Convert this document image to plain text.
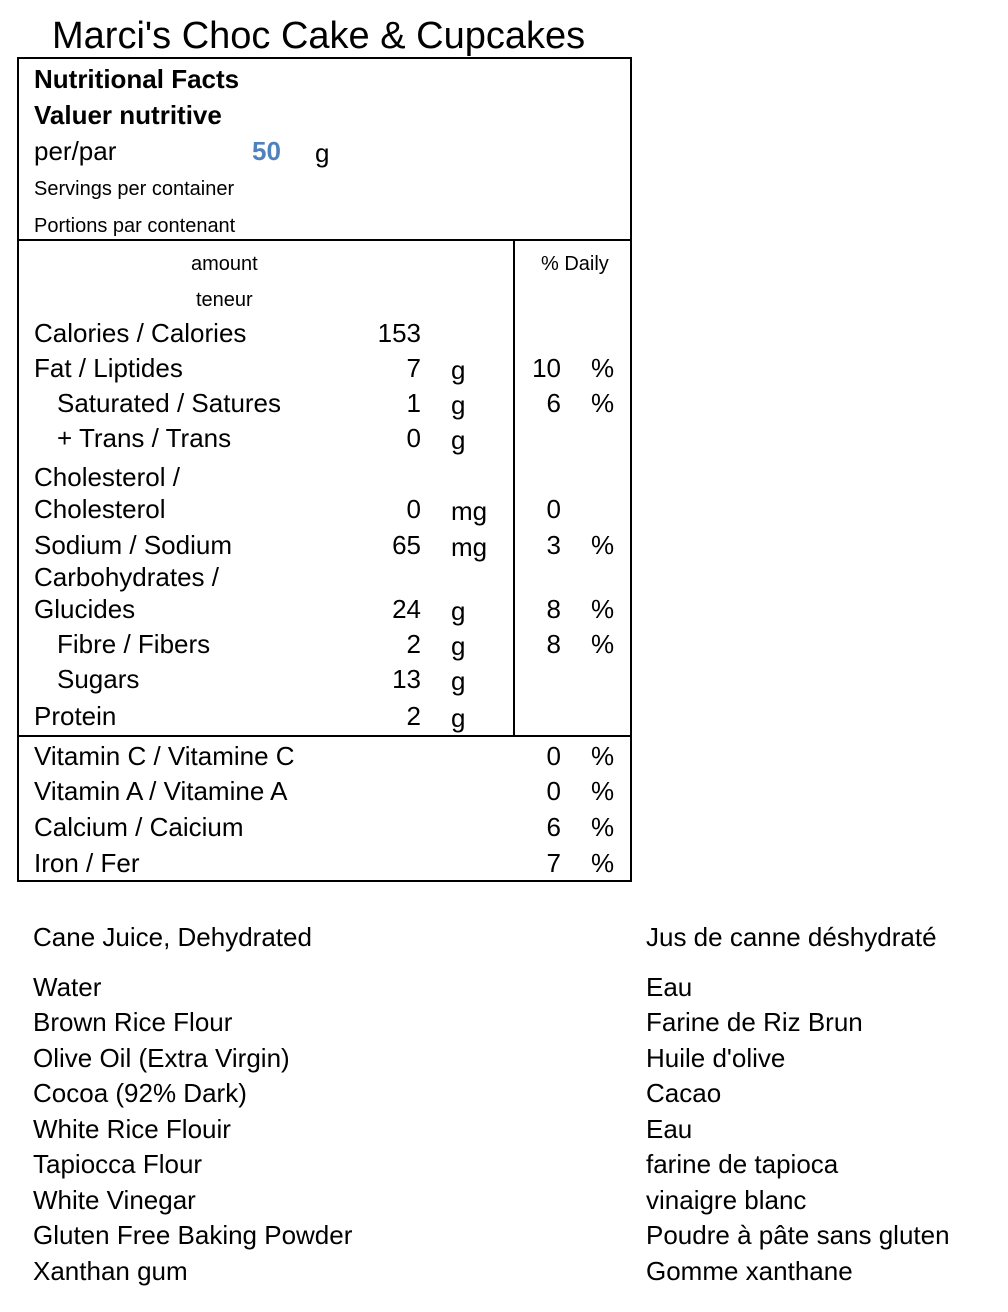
Marci's Choc Cake & Cupcakes
Nutritional Facts
Valuer nutritive
per/par	50 g
Servings per container
Portions par contenant
amount
teneur
% Daily
Calories / Calories	153
Fat / Liptides	7 g	10 %
Saturated / Satures	1 g	6 %
+ Trans / Trans	0 g
Cholesterol /
Cholesterol	0 mg	0
Sodium / Sodium	65 mg	3 %
Carbohydrates /
Glucides	24 g	8 %
Fibre / Fibers	2 g	8 %
Sugars	13 g
Protein	2 g
Vitamin C / Vitamine C	0 %
Vitamin A / Vitamine A	0 %
Calcium / Caicium	6 %
Iron / Fer	7 %
Cane Juice, Dehydrated	Jus de canne déshydraté
Water	Eau
Brown Rice Flour	Farine de Riz Brun
Olive Oil (Extra Virgin)	Huile d'olive
Cocoa (92% Dark)	Cacao
White Rice Flouir	Eau
Tapiocca Flour	farine de tapioca
White Vinegar	vinaigre blanc
Gluten Free Baking Powder	Poudre à pâte sans gluten
Xanthan gum	Gomme xanthane
